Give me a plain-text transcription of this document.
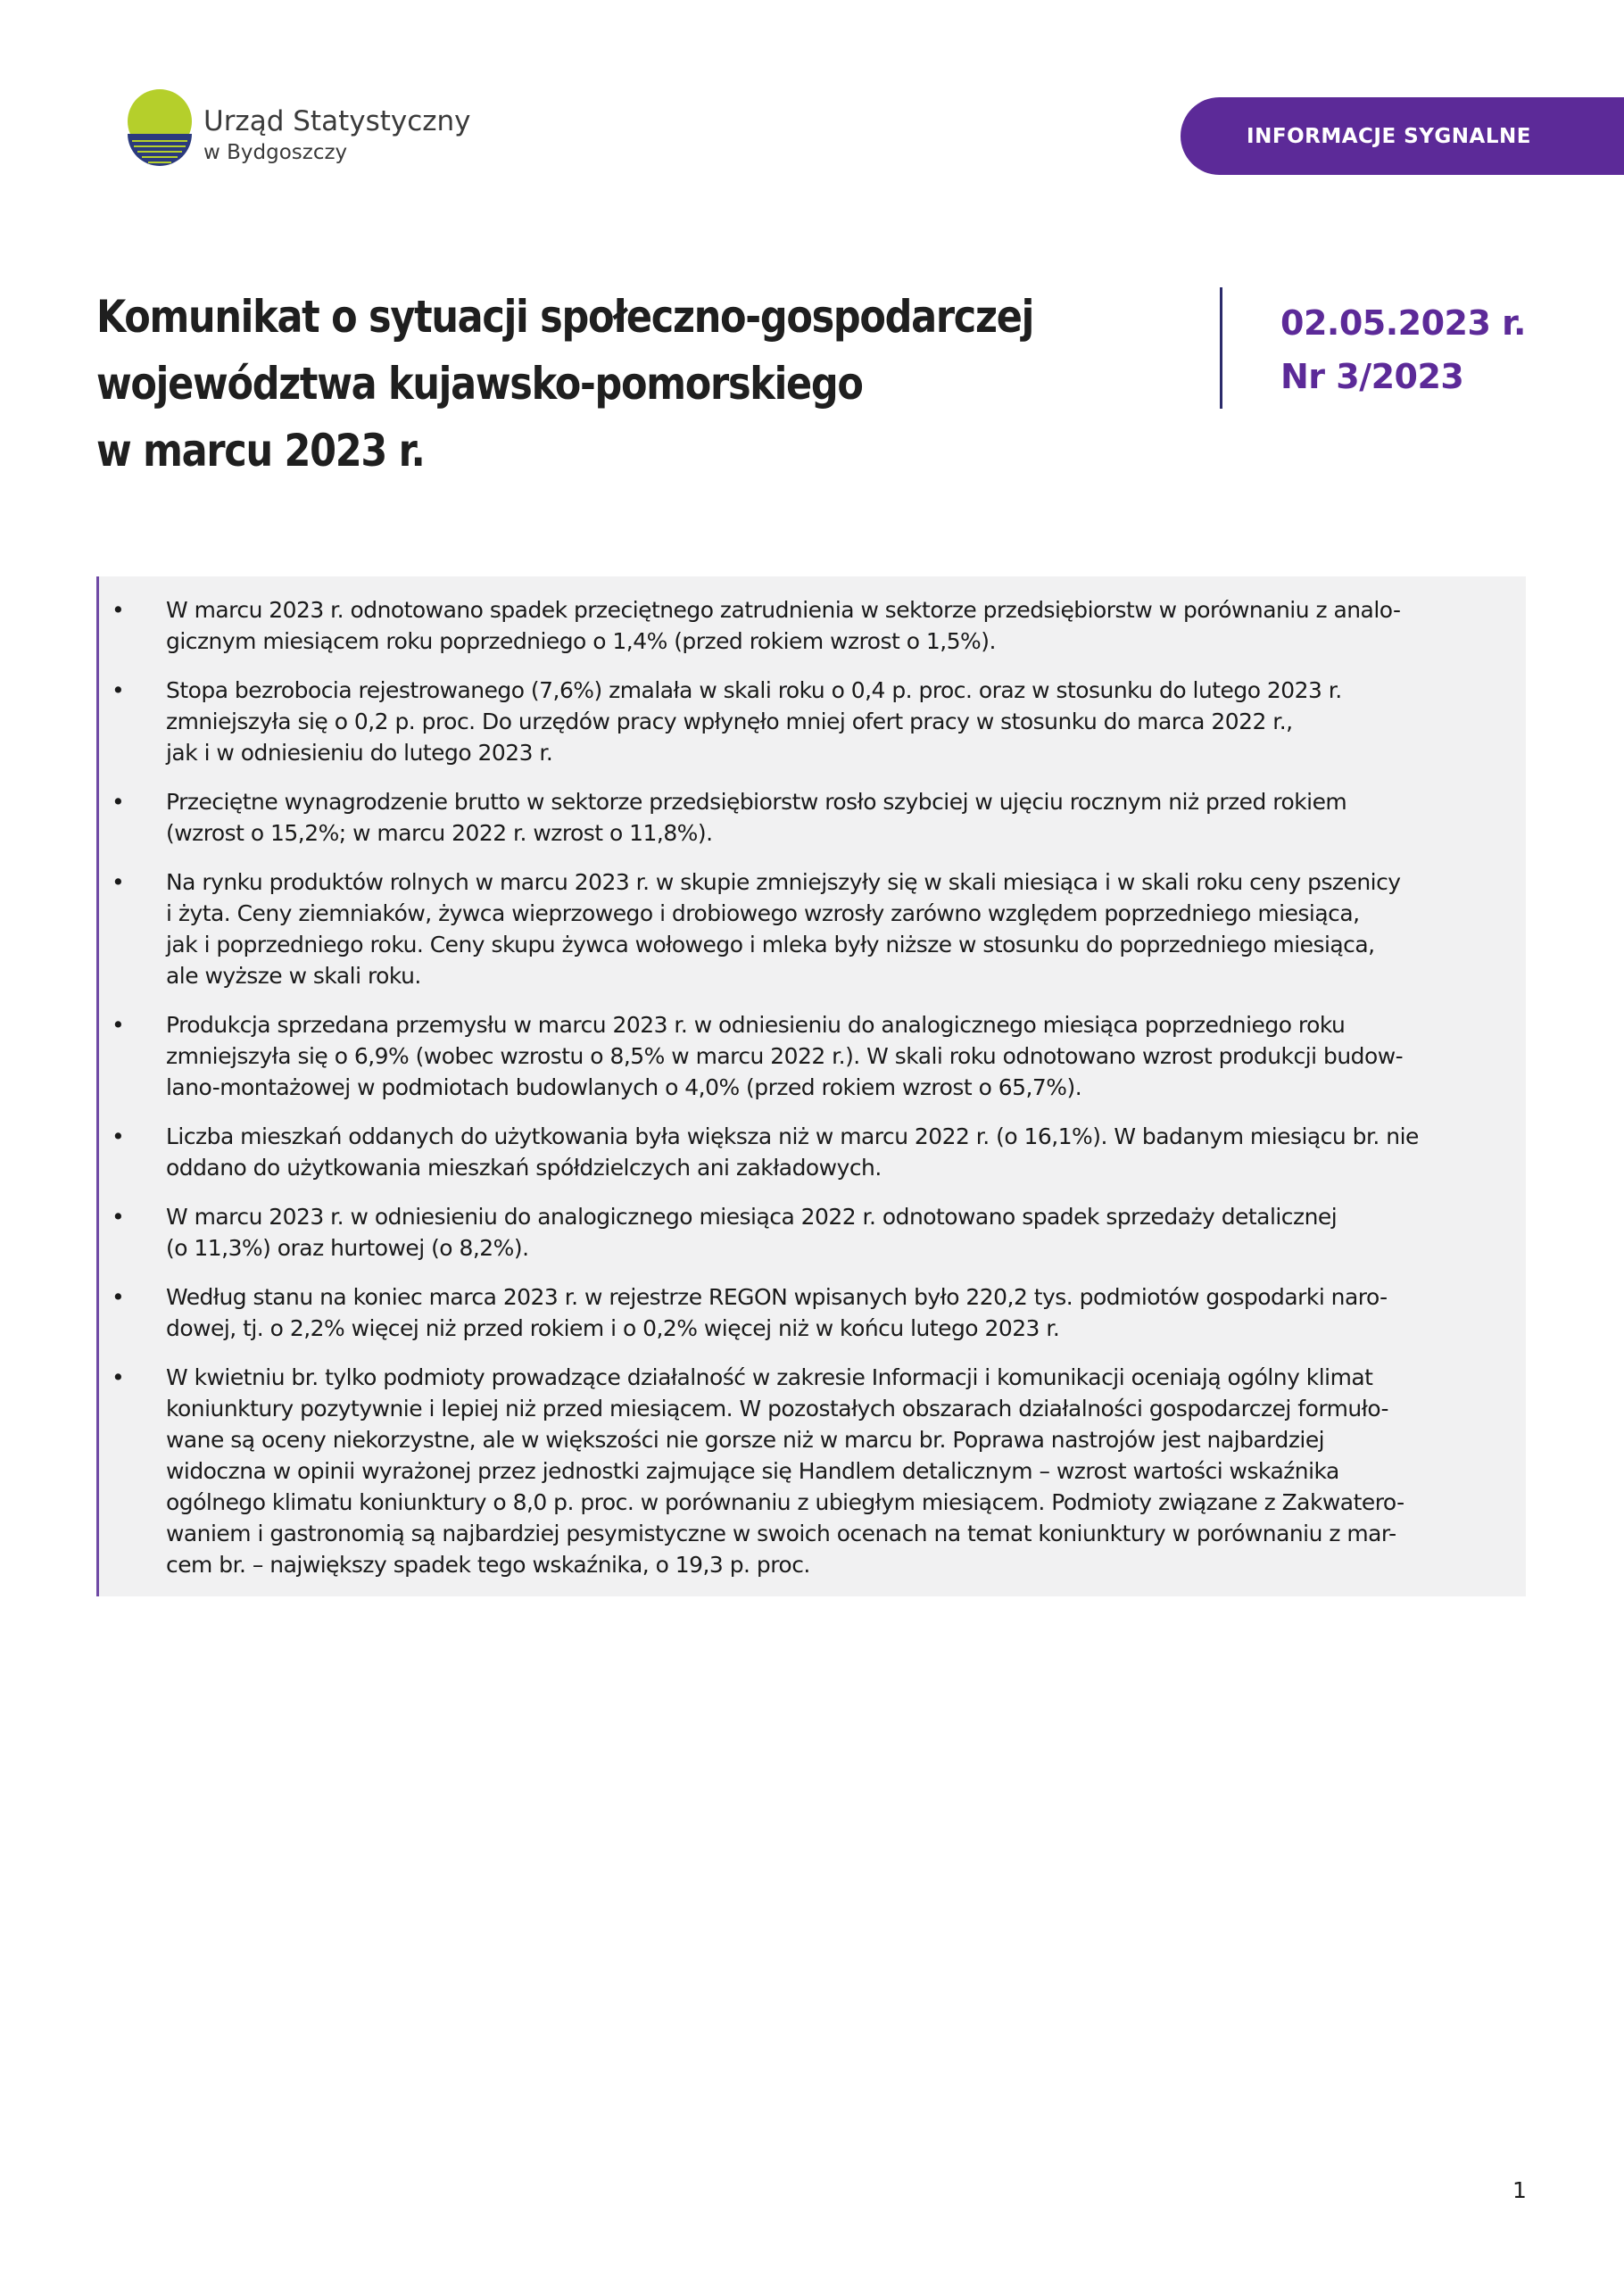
Urząd Statystyczny
w Bydgoszczy
INFORMACJE SYGNALNE
Komunikat o sytuacji społeczno-gospodarczej
województwa kujawsko-pomorskiego
w marcu 2023 r.
02.05.2023 r.
Nr 3/2023
• W marcu 2023 r. odnotowano spadek przeciętnego zatrudnienia w sektorze przedsiębiorstw w porównaniu z analo-
gicznym miesiącem roku poprzedniego o 1,4% (przed rokiem wzrost o 1,5%).
• Stopa bezrobocia rejestrowanego (7,6%) zmalała w skali roku o 0,4 p. proc. oraz w stosunku do lutego 2023 r.
zmniejszyła się o 0,2 p. proc. Do urzędów pracy wpłynęło mniej ofert pracy w stosunku do marca 2022 r.,
jak i w odniesieniu do lutego 2023 r.
• Przeciętne wynagrodzenie brutto w sektorze przedsiębiorstw rosło szybciej w ujęciu rocznym niż przed rokiem
(wzrost o 15,2%; w marcu 2022 r. wzrost o 11,8%).
• Na rynku produktów rolnych w marcu 2023 r. w skupie zmniejszyły się w skali miesiąca i w skali roku ceny pszenicy
i żyta. Ceny ziemniaków, żywca wieprzowego i drobiowego wzrosły zarówno względem poprzedniego miesiąca,
jak i poprzedniego roku. Ceny skupu żywca wołowego i mleka były niższe w stosunku do poprzedniego miesiąca,
ale wyższe w skali roku.
• Produkcja sprzedana przemysłu w marcu 2023 r. w odniesieniu do analogicznego miesiąca poprzedniego roku
zmniejszyła się o 6,9% (wobec wzrostu o 8,5% w marcu 2022 r.). W skali roku odnotowano wzrost produkcji budow-
lano-montażowej w podmiotach budowlanych o 4,0% (przed rokiem wzrost o 65,7%).
• Liczba mieszkań oddanych do użytkowania była większa niż w marcu 2022 r. (o 16,1%). W badanym miesiącu br. nie
oddano do użytkowania mieszkań spółdzielczych ani zakładowych.
• W marcu 2023 r. w odniesieniu do analogicznego miesiąca 2022 r. odnotowano spadek sprzedaży detalicznej
(o 11,3%) oraz hurtowej (o 8,2%).
• Według stanu na koniec marca 2023 r. w rejestrze REGON wpisanych było 220,2 tys. podmiotów gospodarki naro-
dowej, tj. o 2,2% więcej niż przed rokiem i o 0,2% więcej niż w końcu lutego 2023 r.
• W kwietniu br. tylko podmioty prowadzące działalność w zakresie Informacji i komunikacji oceniają ogólny klimat
koniunktury pozytywnie i lepiej niż przed miesiącem. W pozostałych obszarach działalności gospodarczej formuło-
wane są oceny niekorzystne, ale w większości nie gorsze niż w marcu br. Poprawa nastrojów jest najbardziej
widoczna w opinii wyrażonej przez jednostki zajmujące się Handlem detalicznym – wzrost wartości wskaźnika
ogólnego klimatu koniunktury o 8,0 p. proc. w porównaniu z ubiegłym miesiącem. Podmioty związane z Zakwatero-
waniem i gastronomią są najbardziej pesymistyczne w swoich ocenach na temat koniunktury w porównaniu z mar-
cem br. – największy spadek tego wskaźnika, o 19,3 p. proc.
1
